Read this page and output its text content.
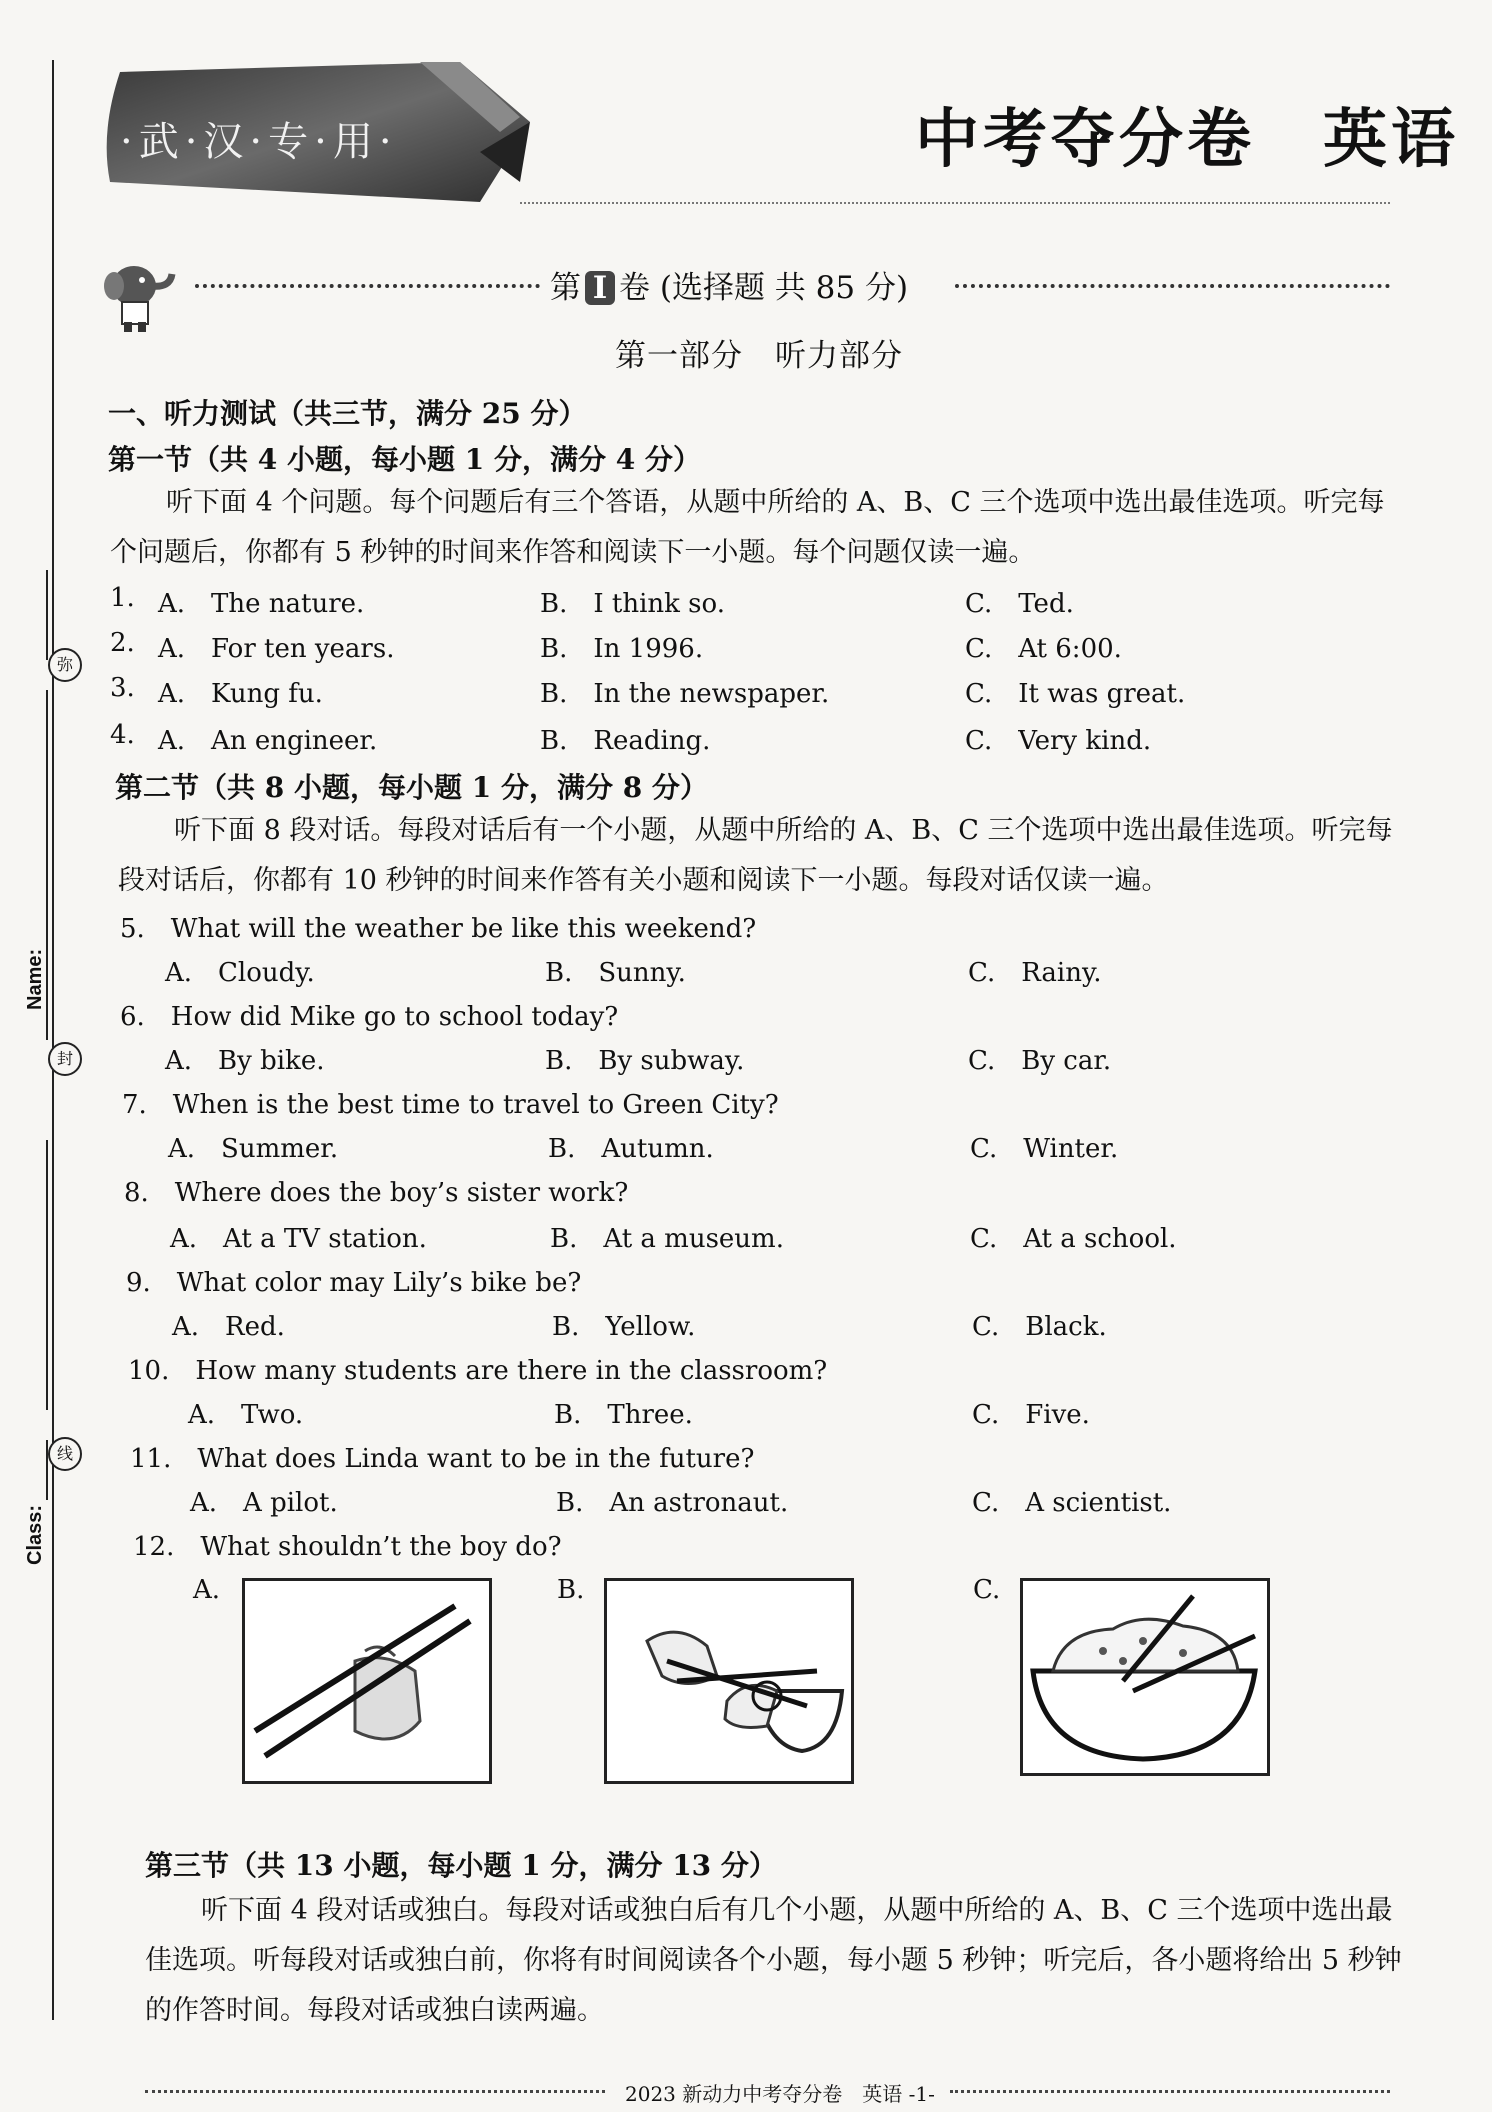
弥
Name:
封
线
Class:
·武·汉·专·用·	中考夺分卷　英语
第 I 卷 (选择题 共 85 分)
第一部分　听力部分
一、听力测试（共三节，满分 25 分）
第一节（共 4 小题，每小题 1 分，满分 4 分）
听下面 4 个问题。每个问题后有三个答语，从题中所给的 A、B、C 三个选项中选出最佳选项。听完每个问题后，你都有 5 秒钟的时间来作答和阅读下一小题。每个问题仅读一遍。
1. A.　The nature.	B.　I think so.	C.　Ted.
2. A.　For ten years.	B.　In 1996.	C.　At 6:00.
3. A.　Kung fu.	B.　In the newspaper.	C.　It was great.
4. A.　An engineer.	B.　Reading.	C.　Very kind.
第二节（共 8 小题，每小题 1 分，满分 8 分）
听下面 8 段对话。每段对话后有一个小题，从题中所给的 A、B、C 三个选项中选出最佳选项。听完每段对话后，你都有 10 秒钟的时间来作答有关小题和阅读下一小题。每段对话仅读一遍。
5.　What will the weather be like this weekend?
A.　Cloudy.	B.　Sunny.	C.　Rainy.
6.　How did Mike go to school today?
A.　By bike.	B.　By subway.	C.　By car.
7.　When is the best time to travel to Green City?
A.　Summer.	B.　Autumn.	C.　Winter.
8.　Where does the boy’s sister work?
A.　At a TV station.	B.　At a museum.	C.　At a school.
9.　What color may Lily’s bike be?
A.　Red.	B.　Yellow.	C.　Black.
10.　How many students are there in the classroom?
A.　Two.	B.　Three.	C.　Five.
11.　What does Linda want to be in the future?
A.　A pilot.	B.　An astronaut.	C.　A scientist.
12.　What shouldn’t the boy do?
A.	B.	C.
第三节（共 13 小题，每小题 1 分，满分 13 分）
听下面 4 段对话或独白。每段对话或独白后有几个小题，从题中所给的 A、B、C 三个选项中选出最佳选项。听每段对话或独白前，你将有时间阅读各个小题，每小题 5 秒钟；听完后，各小题将给出 5 秒钟的作答时间。每段对话或独白读两遍。
2023 新动力中考夺分卷　英语 -1-
